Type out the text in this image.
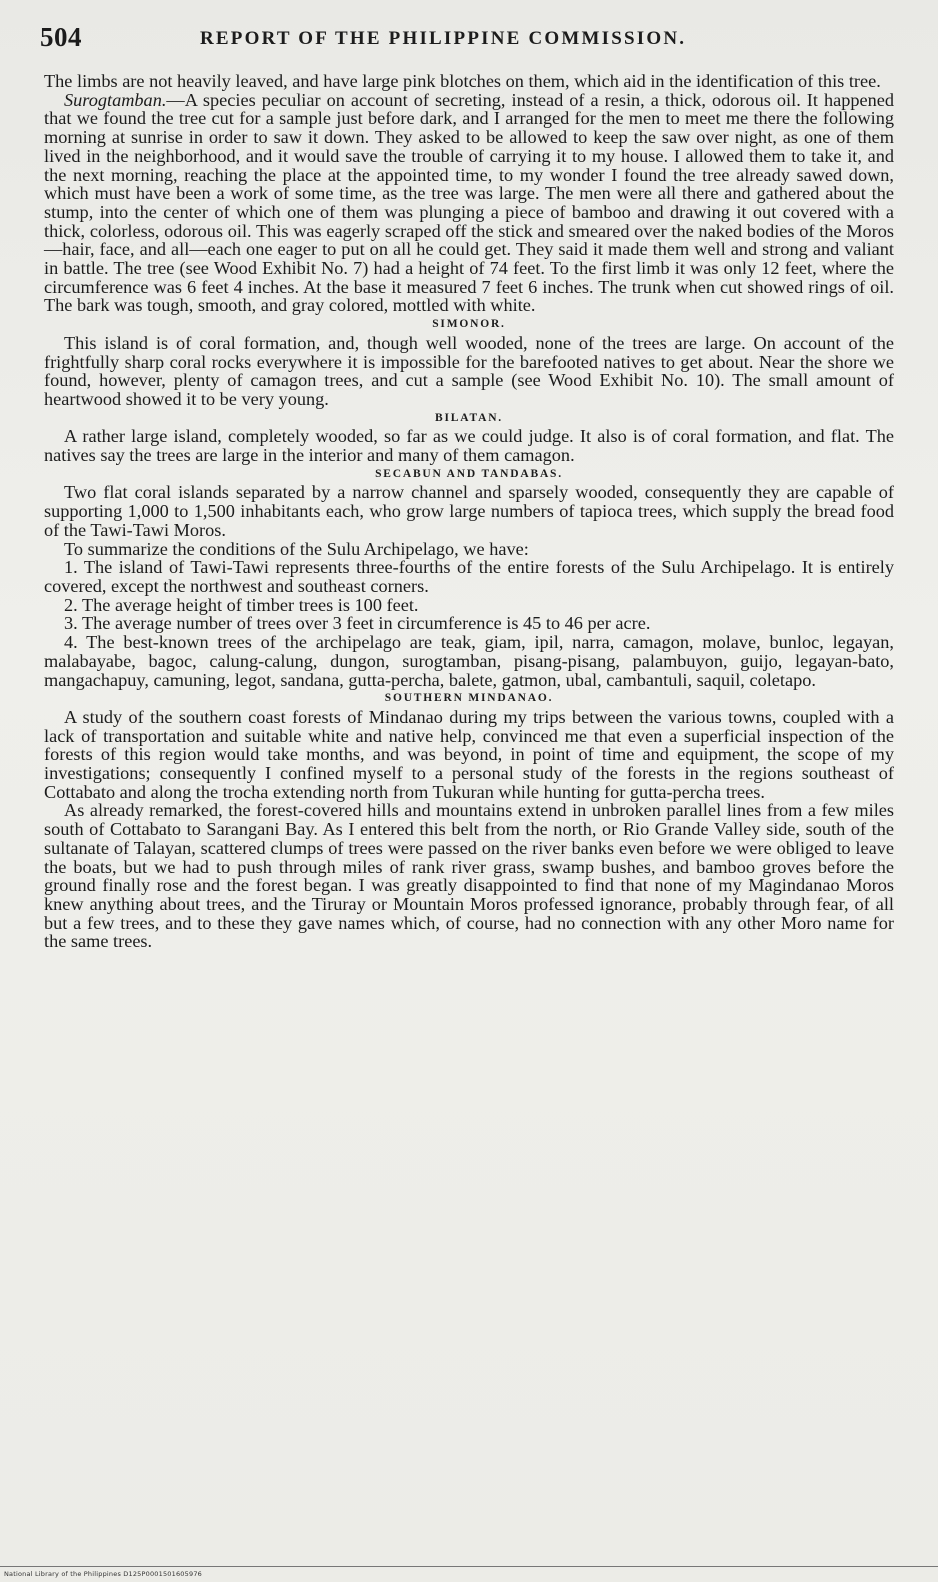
504	REPORT OF THE PHILIPPINE COMMISSION.

The limbs are not heavily leaved, and have large pink blotches on them, which aid in the identification of this tree.

Surogtamban.—A species peculiar on account of secreting, instead of a resin, a thick, odorous oil. It happened that we found the tree cut for a sample just before dark, and I arranged for the men to meet me there the following morning at sunrise in order to saw it down. They asked to be allowed to keep the saw over night, as one of them lived in the neighborhood, and it would save the trouble of carrying it to my house. I allowed them to take it, and the next morning, reaching the place at the appointed time, to my wonder I found the tree already sawed down, which must have been a work of some time, as the tree was large. The men were all there and gathered about the stump, into the center of which one of them was plunging a piece of bamboo and drawing it out covered with a thick, colorless, odorous oil. This was eagerly scraped off the stick and smeared over the naked bodies of the Moros—hair, face, and all—each one eager to put on all he could get. They said it made them well and strong and valiant in battle. The tree (see Wood Exhibit No. 7) had a height of 74 feet. To the first limb it was only 12 feet, where the circumference was 6 feet 4 inches. At the base it measured 7 feet 6 inches. The trunk when cut showed rings of oil. The bark was tough, smooth, and gray colored, mottled with white.

SIMONOR.

This island is of coral formation, and, though well wooded, none of the trees are large. On account of the frightfully sharp coral rocks everywhere it is impossible for the barefooted natives to get about. Near the shore we found, however, plenty of camagon trees, and cut a sample (see Wood Exhibit No. 10). The small amount of heartwood showed it to be very young.

BILATAN.

A rather large island, completely wooded, so far as we could judge. It also is of coral formation, and flat. The natives say the trees are large in the interior and many of them camagon.

SECABUN AND TANDABAS.

Two flat coral islands separated by a narrow channel and sparsely wooded, consequently they are capable of supporting 1,000 to 1,500 inhabitants each, who grow large numbers of tapioca trees, which supply the bread food of the Tawi-Tawi Moros.

To summarize the conditions of the Sulu Archipelago, we have:

1. The island of Tawi-Tawi represents three-fourths of the entire forests of the Sulu Archipelago. It is entirely covered, except the northwest and southeast corners.

2. The average height of timber trees is 100 feet.

3. The average number of trees over 3 feet in circumference is 45 to 46 per acre.

4. The best-known trees of the archipelago are teak, giam, ipil, narra, camagon, molave, bunloc, legayan, malabayabe, bagoc, calung-calung, dungon, surogtamban, pisang-pisang, palambuyon, guijo, legayan-bato, mangachapuy, camuning, legot, sandana, gutta-percha, balete, gatmon, ubal, cambantuli, saquil, coletapo.

SOUTHERN MINDANAO.

A study of the southern coast forests of Mindanao during my trips between the various towns, coupled with a lack of transportation and suitable white and native help, convinced me that even a superficial inspection of the forests of this region would take months, and was beyond, in point of time and equipment, the scope of my investigations; consequently I confined myself to a personal study of the forests in the regions southeast of Cottabato and along the trocha extending north from Tukuran while hunting for gutta-percha trees.

As already remarked, the forest-covered hills and mountains extend in unbroken parallel lines from a few miles south of Cottabato to Sarangani Bay. As I entered this belt from the north, or Rio Grande Valley side, south of the sultanate of Talayan, scattered clumps of trees were passed on the river banks even before we were obliged to leave the boats, but we had to push through miles of rank river grass, swamp bushes, and bamboo groves before the ground finally rose and the forest began. I was greatly disappointed to find that none of my Magindanao Moros knew anything about trees, and the Tiruray or Mountain Moros professed ignorance, probably through fear, of all but a few trees, and to these they gave names which, of course, had no connection with any other Moro name for the same trees.

National Library of the Philippines D125P0001501605976
